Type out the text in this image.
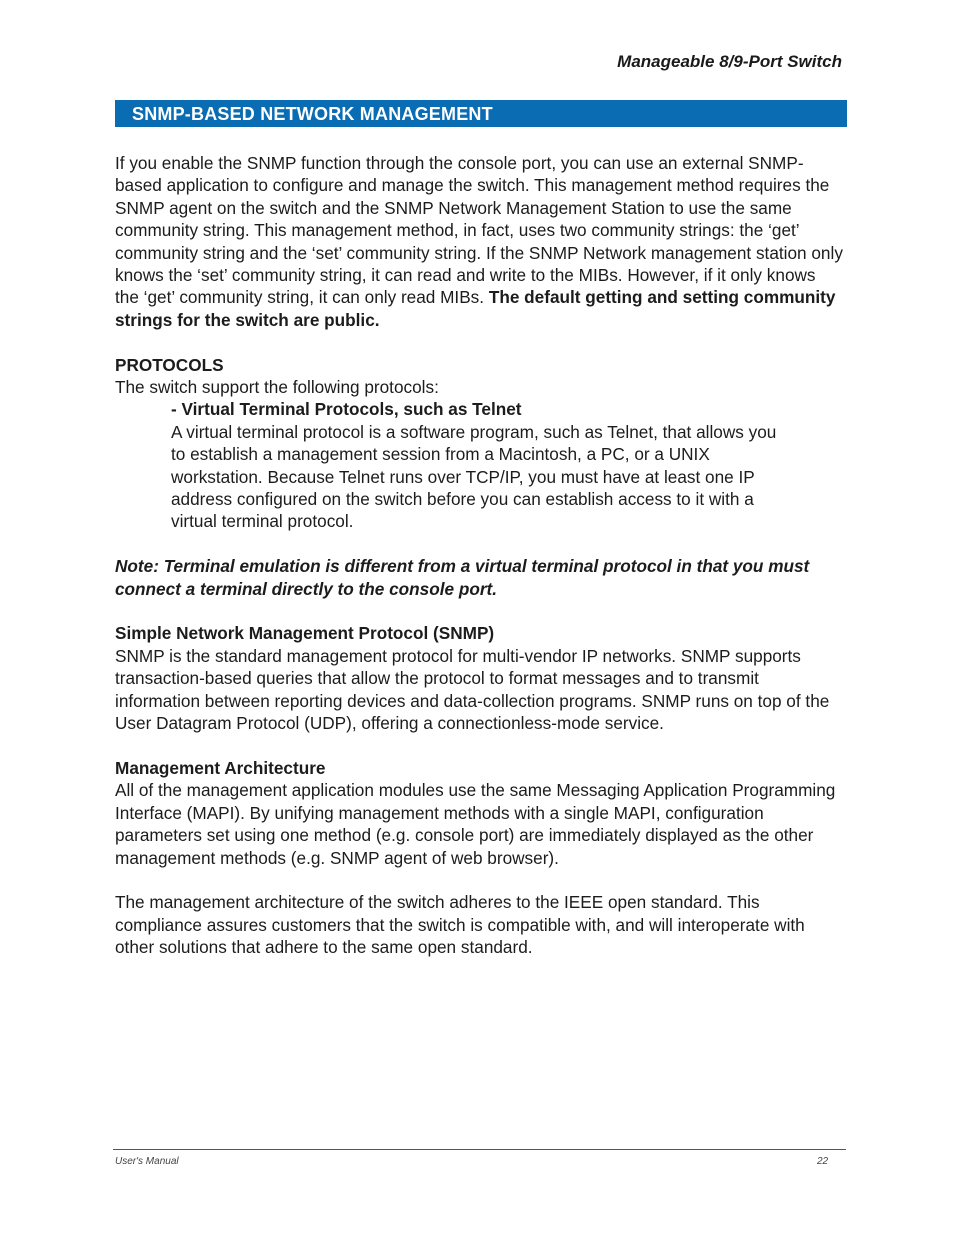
Manageable 8/9-Port Switch
SNMP-BASED NETWORK MANAGEMENT

If you enable the SNMP function through the console port, you can use an external SNMP-based application to configure and manage the switch. This management method requires the SNMP agent on the switch and the SNMP Network Management Station to use the same community string. This management method, in fact, uses two community strings: the ‘get’ community string and the ‘set’ community string. If the SNMP Network management station only knows the ‘set’ community string, it can read and write to the MIBs. However, if it only knows the ‘get’ community string, it can only read MIBs. The default getting and setting community strings for the switch are public.

PROTOCOLS

The switch support the following protocols:

- Virtual Terminal Protocols, such as Telnet

A virtual terminal protocol is a software program, such as Telnet, that allows you to establish a management session from a Macintosh, a PC, or a UNIX workstation. Because Telnet runs over TCP/IP, you must have at least one IP address configured on the switch before you can establish access to it with a virtual terminal protocol.

Note: Terminal emulation is different from a virtual terminal protocol in that you must connect a terminal directly to the console port.

Simple Network Management Protocol (SNMP)

SNMP is the standard management protocol for multi-vendor IP networks. SNMP supports transaction-based queries that allow the protocol to format messages and to transmit information between reporting devices and data-collection programs. SNMP runs on top of the User Datagram Protocol (UDP), offering a connectionless-mode service.

Management Architecture

All of the management application modules use the same Messaging Application Programming Interface (MAPI). By unifying management methods with a single MAPI, configuration parameters set using one method (e.g. console port) are immediately displayed as the other management methods (e.g. SNMP agent of web browser).

The management architecture of the switch adheres to the IEEE open standard. This compliance assures customers that the switch is compatible with, and will interoperate with other solutions that adhere to the same open standard.

User's Manual	22
